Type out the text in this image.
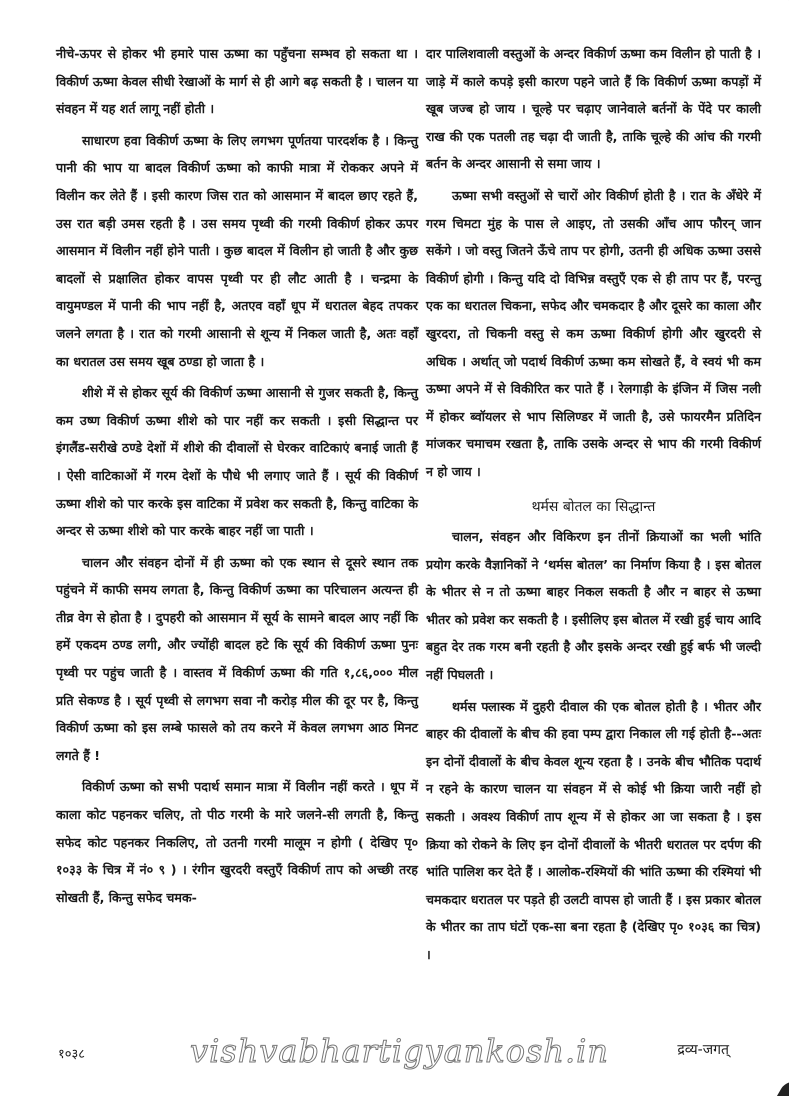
नीचे-ऊपर से होकर भी हमारे पास ऊष्मा का पहुँचना सम्भव हो सकता था । विकीर्ण ऊष्मा केवल सीधी रेखाओं के मार्ग से ही आगे बढ़ सकती है । चालन या संवहन में यह शर्त लागू नहीं होती ।

साधारण हवा विकीर्ण ऊष्मा के लिए लगभग पूर्णतया पारदर्शक है । किन्तु पानी की भाप या बादल विकीर्ण ऊष्मा को काफी मात्रा में रोककर अपने में विलीन कर लेते हैं । इसी कारण जिस रात को आसमान में बादल छाए रहते हैं, उस रात बड़ी उमस रहती है । उस समय पृथ्वी की गरमी विकीर्ण होकर ऊपर आसमान में विलीन नहीं होने पाती । कुछ बादल में विलीन हो जाती है और कुछ बादलों से प्रक्षालित होकर वापस पृथ्वी पर ही लौट आती है । चन्द्रमा के वायुमण्डल में पानी की भाप नहीं है, अतएव वहाँ धूप में धरातल बेहद तपकर जलने लगता है । रात को गरमी आसानी से शून्य में निकल जाती है, अतः वहाँ का धरातल उस समय खूब ठण्डा हो जाता है ।

शीशे में से होकर सूर्य की विकीर्ण ऊष्मा आसानी से गुजर सकती है, किन्तु कम उष्ण विकीर्ण ऊष्मा शीशे को पार नहीं कर सकती । इसी सिद्धान्त पर इंगलैंड-सरीखे ठण्डे देशों में शीशे की दीवालों से घेरकर वाटिकाएं बनाई जाती हैं । ऐसी वाटिकाओं में गरम देशों के पौधे भी लगाए जाते हैं । सूर्य की विकीर्ण ऊष्मा शीशे को पार करके इस वाटिका में प्रवेश कर सकती है, किन्तु वाटिका के अन्दर से ऊष्मा शीशे को पार करके बाहर नहीं जा पाती ।

चालन और संवहन दोनों में ही ऊष्मा को एक स्थान से दूसरे स्थान तक पहुंचने में काफी समय लगता है, किन्तु विकीर्ण ऊष्मा का परिचालन अत्यन्त ही तीव्र वेग से होता है । दुपहरी को आसमान में सूर्य के सामने बादल आए नहीं कि हमें एकदम ठण्ड लगी, और ज्योंही बादल हटे कि सूर्य की विकीर्ण ऊष्मा पुनः पृथ्वी पर पहुंच जाती है । वास्तव में विकीर्ण ऊष्मा की गति १,८६,००० मील प्रति सेकण्ड है । सूर्य पृथ्वी से लगभग सवा नौ करोड़ मील की दूर पर है, किन्तु विकीर्ण ऊष्मा को इस लम्बे फासले को तय करने में केवल लगभग आठ मिनट लगते हैं !

विकीर्ण ऊष्मा को सभी पदार्थ समान मात्रा में विलीन नहीं करते । धूप में काला कोट पहनकर चलिए, तो पीठ गरमी के मारे जलने-सी लगती है, किन्तु सफेद कोट पहनकर निकलिए, तो उतनी गरमी मालूम न होगी ( देखिए पृ० १०३३ के चित्र में नं० ९ ) । रंगीन खुरदरी वस्तुएँ विकीर्ण ताप को अच्छी तरह सोखती हैं, किन्तु सफेद चमक-

दार पालिशवाली वस्तुओं के अन्दर विकीर्ण ऊष्मा कम विलीन हो पाती है । जाड़े में काले कपड़े इसी कारण पहने जाते हैं कि विकीर्ण ऊष्मा कपड़ों में खूब जज्ब हो जाय । चूल्हे पर चढ़ाए जानेवाले बर्तनों के पेंदे पर काली राख की एक पतली तह चढ़ा दी जाती है, ताकि चूल्हे की आंच की गरमी बर्तन के अन्दर आसानी से समा जाय ।

ऊष्मा सभी वस्तुओं से चारों ओर विकीर्ण होती है । रात के अँधेरे में गरम चिमटा मुंह के पास ले आइए, तो उसकी आँच आप फौरन् जान सकेंगे । जो वस्तु जितने ऊँचे ताप पर होगी, उतनी ही अधिक ऊष्मा उससे विकीर्ण होगी । किन्तु यदि दो विभिन्न वस्तुएँ एक से ही ताप पर हैं, परन्तु एक का धरातल चिकना, सफेद और चमकदार है और दूसरे का काला और खुरदरा, तो चिकनी वस्तु से कम ऊष्मा विकीर्ण होगी और खुरदरी से अधिक । अर्थात् जो पदार्थ विकीर्ण ऊष्मा कम सोखते हैं, वे स्वयं भी कम ऊष्मा अपने में से विकीरित कर पाते हैं । रेलगाड़ी के इंजिन में जिस नली में होकर ब्वॉयलर से भाप सिलिण्डर में जाती है, उसे फायरमैन प्रतिदिन मांजकर चमाचम रखता है, ताकि उसके अन्दर से भाप की गरमी विकीर्ण न हो जाय ।

थर्मस बोतल का सिद्धान्त

चालन, संवहन और विकिरण इन तीनों क्रियाओं का भली भांति प्रयोग करके वैज्ञानिकों ने ‘थर्मस बोतल’ का निर्माण किया है । इस बोतल के भीतर से न तो ऊष्मा बाहर निकल सकती है और न बाहर से ऊष्मा भीतर को प्रवेश कर सकती है । इसीलिए इस बोतल में रखी हुई चाय आदि बहुत देर तक गरम बनी रहती है और इसके अन्दर रखी हुई बर्फ भी जल्दी नहीं पिघलती ।

थर्मस फ्लास्क में दुहरी दीवाल की एक बोतल होती है । भीतर और बाहर की दीवालों के बीच की हवा पम्प द्वारा निकाल ली गई होती है--अतः इन दोनों दीवालों के बीच केवल शून्य रहता है । उनके बीच भौतिक पदार्थ न रहने के कारण चालन या संवहन में से कोई भी क्रिया जारी नहीं हो सकती । अवश्य विकीर्ण ताप शून्य में से होकर आ जा सकता है । इस क्रिया को रोकने के लिए इन दोनों दीवालों के भीतरी धरातल पर दर्पण की भांति पालिश कर देते हैं । आलोक-रश्मियों की भांति ऊष्मा की रश्मियां भी चमकदार धरातल पर पड़ते ही उलटी वापस हो जाती हैं । इस प्रकार बोतल के भीतर का ताप घंटों एक-सा बना रहता है (देखिए पृ० १०३६ का चित्र) ।

१०३८	vishvabhartigyankosh.in	द्रव्य-जगत्
